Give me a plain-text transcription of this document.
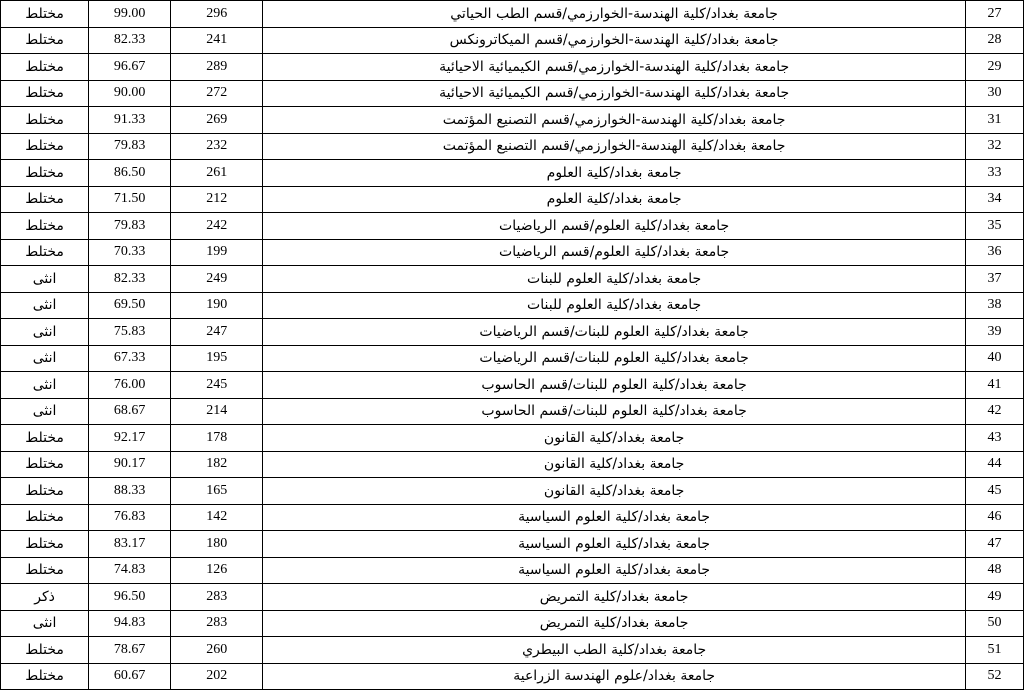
27	جامعة بغداد/كلية الهندسة-الخوارزمي/قسم الطب الحياتي	296	99.00	مختلط
28	جامعة بغداد/كلية الهندسة-الخوارزمي/قسم الميكاترونكس	241	82.33	مختلط
29	جامعة بغداد/كلية الهندسة-الخوارزمي/قسم الكيميائية الاحيائية	289	96.67	مختلط
30	جامعة بغداد/كلية الهندسة-الخوارزمي/قسم الكيميائية الاحيائية	272	90.00	مختلط
31	جامعة بغداد/كلية الهندسة-الخوارزمي/قسم التصنيع المؤتمت	269	91.33	مختلط
32	جامعة بغداد/كلية الهندسة-الخوارزمي/قسم التصنيع المؤتمت	232	79.83	مختلط
33	جامعة بغداد/كلية العلوم	261	86.50	مختلط
34	جامعة بغداد/كلية العلوم	212	71.50	مختلط
35	جامعة بغداد/كلية العلوم/قسم الرياضيات	242	79.83	مختلط
36	جامعة بغداد/كلية العلوم/قسم الرياضيات	199	70.33	مختلط
37	جامعة بغداد/كلية العلوم للبنات	249	82.33	انثى
38	جامعة بغداد/كلية العلوم للبنات	190	69.50	انثى
39	جامعة بغداد/كلية العلوم للبنات/قسم الرياضيات	247	75.83	انثى
40	جامعة بغداد/كلية العلوم للبنات/قسم الرياضيات	195	67.33	انثى
41	جامعة بغداد/كلية العلوم للبنات/قسم الحاسوب	245	76.00	انثى
42	جامعة بغداد/كلية العلوم للبنات/قسم الحاسوب	214	68.67	انثى
43	جامعة بغداد/كلية القانون	178	92.17	مختلط
44	جامعة بغداد/كلية القانون	182	90.17	مختلط
45	جامعة بغداد/كلية القانون	165	88.33	مختلط
46	جامعة بغداد/كلية العلوم السياسية	142	76.83	مختلط
47	جامعة بغداد/كلية العلوم السياسية	180	83.17	مختلط
48	جامعة بغداد/كلية العلوم السياسية	126	74.83	مختلط
49	جامعة بغداد/كلية التمريض	283	96.50	ذكر
50	جامعة بغداد/كلية التمريض	283	94.83	انثى
51	جامعة بغداد/كلية الطب البيطري	260	78.67	مختلط
52	جامعة بغداد/علوم الهندسة الزراعية	202	60.67	مختلط
